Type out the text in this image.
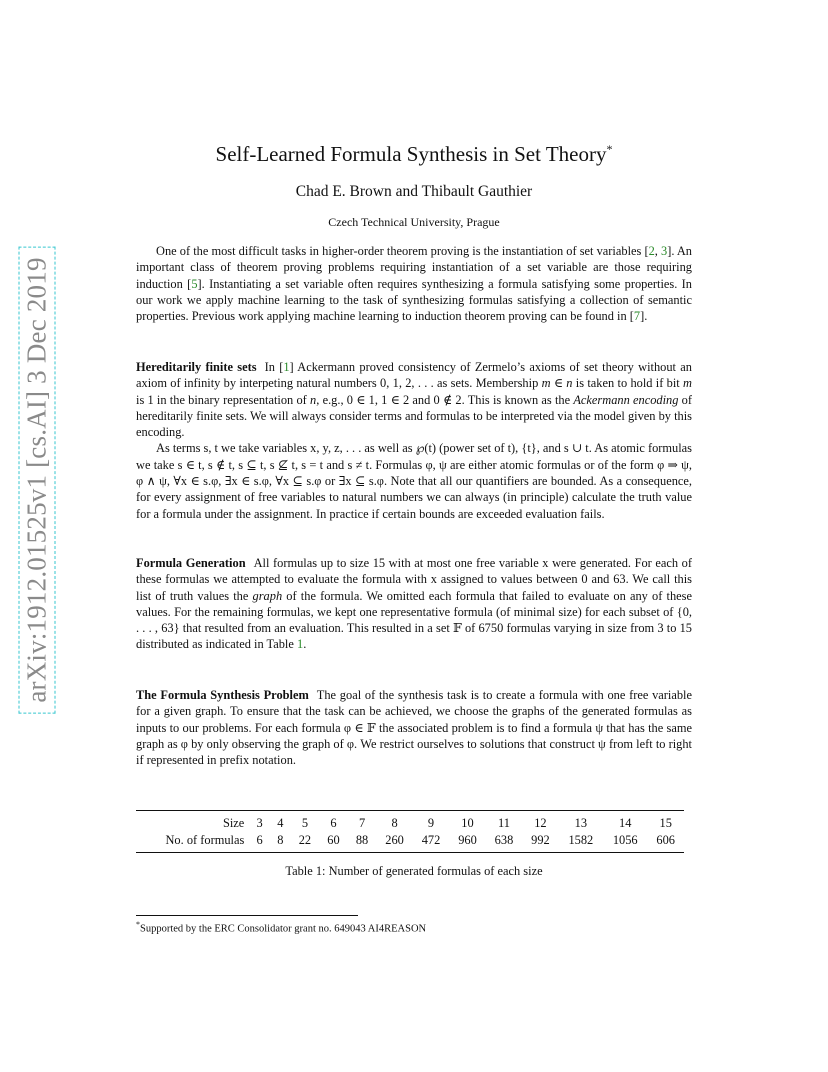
arXiv:1912.01525v1 [cs.AI] 3 Dec 2019
Self-Learned Formula Synthesis in Set Theory*
Chad E. Brown and Thibault Gauthier
Czech Technical University, Prague

One of the most difficult tasks in higher-order theorem proving is the instantiation of set variables [2, 3]. An important class of theorem proving problems requiring instantiation of a set variable are those requiring induction [5]. Instantiating a set variable often requires synthesizing a formula satisfying some properties. In our work we apply machine learning to the task of synthesizing formulas satisfying a collection of semantic properties. Previous work applying machine learning to induction theorem proving can be found in [7].

Hereditarily finite sets In [1] Ackermann proved consistency of Zermelo’s axioms of set theory without an axiom of infinity by interpeting natural numbers 0, 1, 2, . . . as sets. Membership m ∈ n is taken to hold if bit m is 1 in the binary representation of n, e.g., 0 ∈ 1, 1 ∈ 2 and 0 ∉ 2. This is known as the Ackermann encoding of hereditarily finite sets. We will always consider terms and formulas to be interpreted via the model given by this encoding.

As terms s, t we take variables x, y, z, . . . as well as ℘(t) (power set of t), {t}, and s ∪ t. As atomic formulas we take s ∈ t, s ∉ t, s ⊆ t, s ⊈ t, s = t and s ≠ t. Formulas φ, ψ are either atomic formulas or of the form φ ⇒ ψ, φ ∧ ψ, ∀x ∈ s.φ, ∃x ∈ s.φ, ∀x ⊆ s.φ or ∃x ⊆ s.φ. Note that all our quantifiers are bounded. As a consequence, for every assignment of free variables to natural numbers we can always (in principle) calculate the truth value for a formula under the assignment. In practice if certain bounds are exceeded evaluation fails.

Formula Generation All formulas up to size 15 with at most one free variable x were generated. For each of these formulas we attempted to evaluate the formula with x assigned to values between 0 and 63. We call this list of truth values the graph of the formula. We omitted each formula that failed to evaluate on any of these values. For the remaining formulas, we kept one representative formula (of minimal size) for each subset of {0, . . . , 63} that resulted from an evaluation. This resulted in a set 𝔽 of 6750 formulas varying in size from 3 to 15 distributed as indicated in Table 1.

The Formula Synthesis Problem The goal of the synthesis task is to create a formula with one free variable for a given graph. To ensure that the task can be achieved, we choose the graphs of the generated formulas as inputs to our problems. For each formula φ ∈ 𝔽 the associated problem is to find a formula ψ that has the same graph as φ by only observing the graph of φ. We restrict ourselves to solutions that construct ψ from left to right if represented in prefix notation.

Size	3	4	5	6	7	8	9	10	11	12	13	14	15
No. of formulas	6	8	22	60	88	260	472	960	638	992	1582	1056	606
Table 1: Number of generated formulas of each size
*Supported by the ERC Consolidator grant no. 649043 AI4REASON
